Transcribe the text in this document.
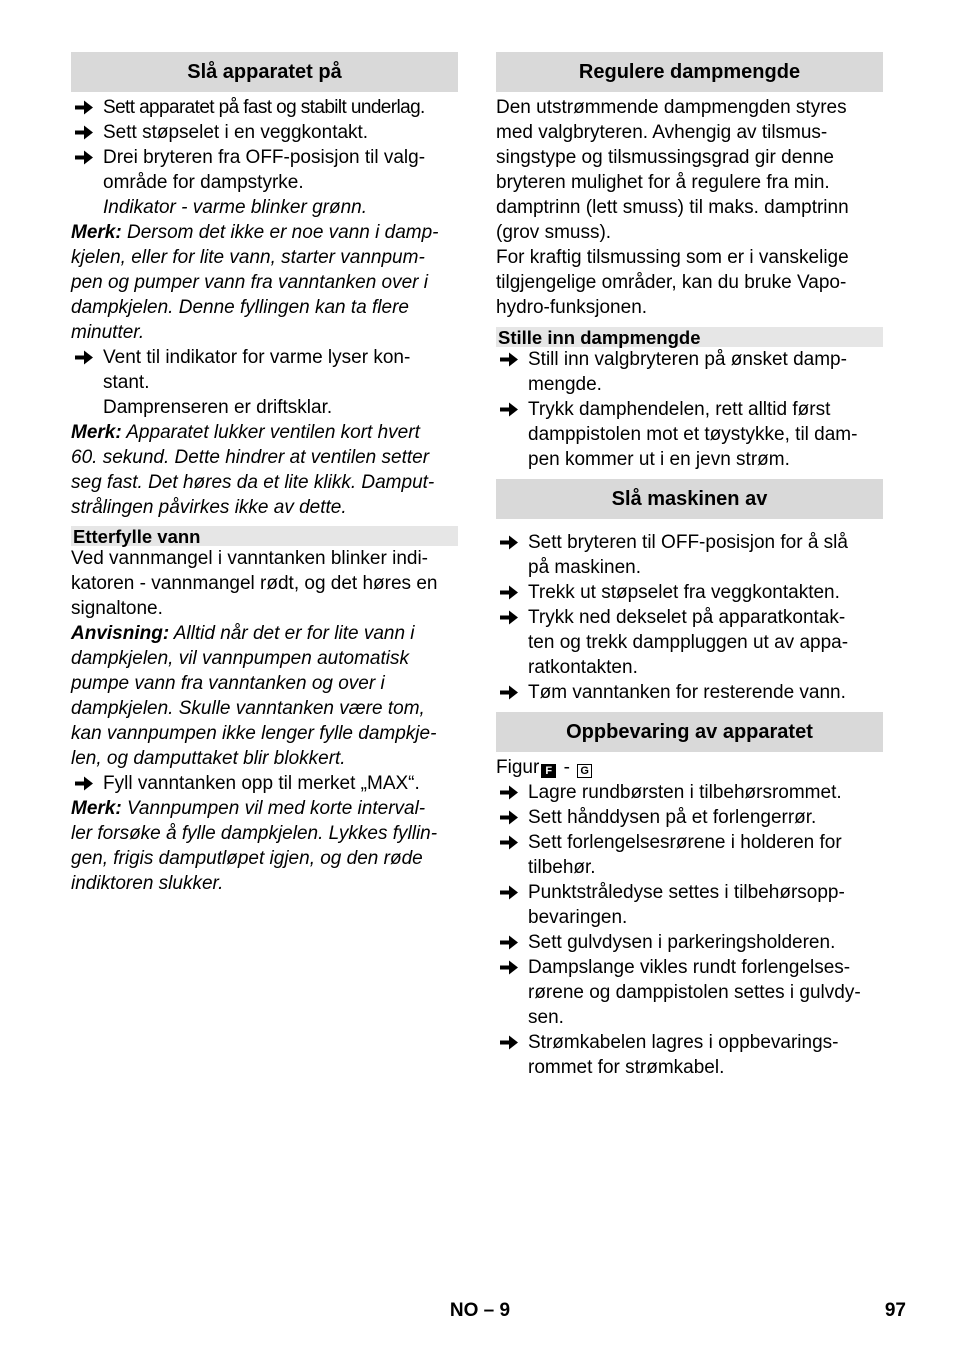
Slå apparatet på
Sett apparatet på fast og stabilt underlag.
Sett støpselet i en veggkontakt.
Drei bryteren fra OFF-posisjon til valg-
område for dampstyrke.
Indikator - varme blinker grønn.
Merk: Dersom det ikke er noe vann i damp-
kjelen, eller for lite vann, starter vannpum-
pen og pumper vann fra vanntanken over i
dampkjelen. Denne fyllingen kan ta flere
minutter.
Vent til indikator for varme lyser kon-
stant.
Damprenseren er driftsklar.
Merk: Apparatet lukker ventilen kort hvert
60. sekund. Dette hindrer at ventilen setter
seg fast. Det høres da et lite klikk. Damput-
strålingen påvirkes ikke av dette.
Etterfylle vann
Ved vannmangel i vanntanken blinker indi-
katoren - vannmangel rødt, og det høres en
signaltone.
Anvisning: Alltid når det er for lite vann i
dampkjelen, vil vannpumpen automatisk
pumpe vann fra vanntanken og over i
dampkjelen. Skulle vanntanken være tom,
kan vannpumpen ikke lenger fylle dampkje-
len, og damputtaket blir blokkert.
Fyll vanntanken opp til merket „MAX“.
Merk: Vannpumpen vil med korte interval-
ler forsøke å fylle dampkjelen. Lykkes fyllin-
gen, frigis damputløpet igjen, og den røde
indiktoren slukker.
Regulere dampmengde
Den utstrømmende dampmengden styres
med valgbryteren. Avhengig av tilsmus-
singstype og tilsmussingsgrad gir denne
bryteren mulighet for å regulere fra min.
damptrinn (lett smuss) til maks. damptrinn
(grov smuss).
For kraftig tilsmussing som er i vanskelige
tilgjengelige områder, kan du bruke Vapo-
hydro-funksjonen.
Stille inn dampmengde
Still inn valgbryteren på ønsket damp-
mengde.
Trykk damphendelen, rett alltid først
damppistolen mot et tøystykke, til dam-
pen kommer ut i en jevn strøm.
Slå maskinen av
Sett bryteren til OFF-posisjon for å slå
på maskinen.
Trekk ut støpselet fra veggkontakten.
Trykk ned dekselet på apparatkontak-
ten og trekk damppluggen ut av appa-
ratkontakten.
Tøm vanntanken for resterende vann.
Oppbevaring av apparatet
Figur F - G
Lagre rundbørsten i tilbehørsrommet.
Sett hånddysen på et forlengerrør.
Sett forlengelsesrørene i holderen for
tilbehør.
Punktstråledyse settes i tilbehørsopp-
bevaringen.
Sett gulvdysen i parkeringsholderen.
Dampslange vikles rundt forlengelses-
rørene og damppistolen settes i gulvdy-
sen.
Strømkabelen lagres i oppbevarings-
rommet for strømkabel.
NO – 9	97
